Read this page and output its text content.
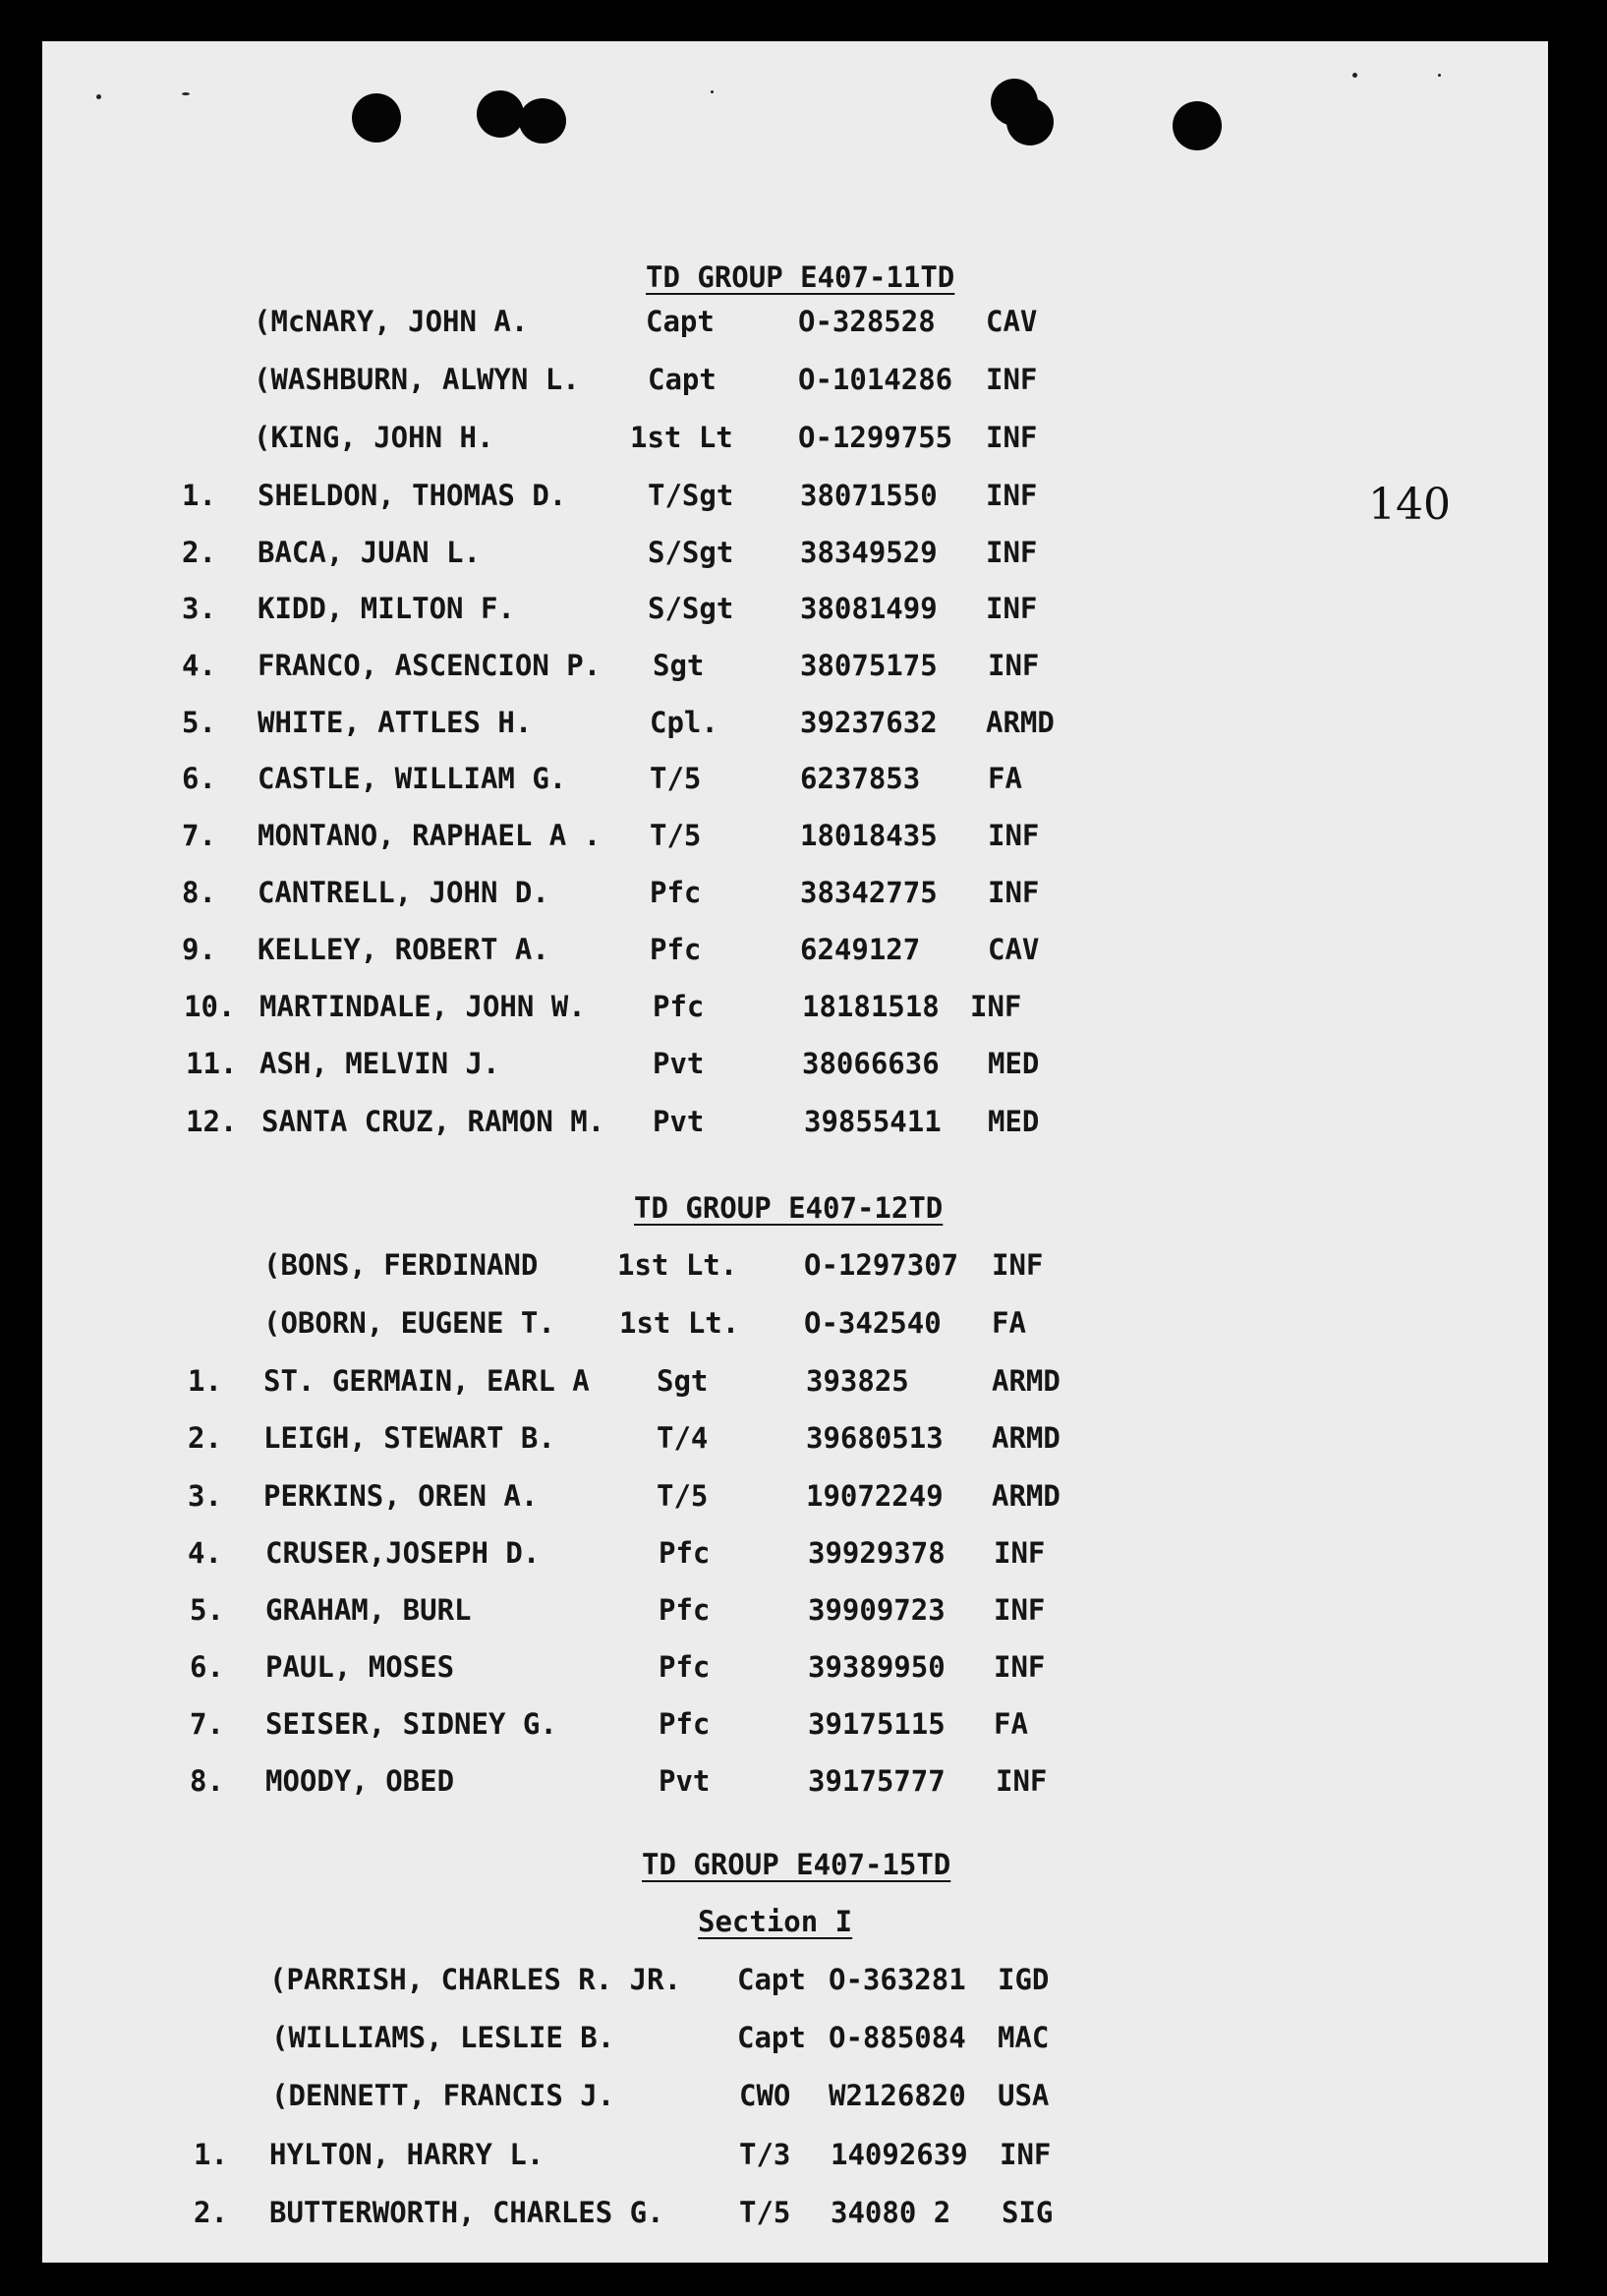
140
TD GROUP E407-11TD
(McNARY, JOHN A.	Capt	O-328528 CAV
(WASHBURN, ALWYN L. Capt	O-1014286 INF
(KING, JOHN H.	1st Lt O-1299755 INF
1. SHELDON, THOMAS D.	T/Sgt 38071550 INF
2. BACA, JUAN L.	S/Sgt 38349529 INF
3. KIDD, MILTON F.	S/Sgt 38081499 INF
4. FRANCO, ASCENCION P. Sgt	38075175 INF
5. WHITE, ATTLES H.	Cpl.	39237632 ARMD
6. CASTLE, WILLIAM G.	T/5	6237853 FA
7. MONTANO, RAPHAEL A . T/5	18018435 INF
8. CANTRELL, JOHN D.	Pfc	38342775 INF
9. KELLEY, ROBERT A.	Pfc	6249127 CAV
10. MARTINDALE, JOHN W. Pfc	18181518 INF
11. ASH, MELVIN J.	Pvt	38066636 MED
12. SANTA CRUZ, RAMON M. Pvt	39855411 MED
TD GROUP E407-12TD
(BONS, FERDINAND	1st Lt. O-1297307 INF
(OBORN, EUGENE T. 1st Lt. O-342540 FA
1. ST. GERMAIN, EARL A Sgt	393825	ARMD
2. LEIGH, STEWART B.	T/4	39680513 ARMD
3. PERKINS, OREN A.	T/5	19072249 ARMD
4. CRUSER,JOSEPH D.	Pfc	39929378 INF
5. GRAHAM, BURL	Pfc	39909723 INF
6. PAUL, MOSES	Pfc	39389950 INF
7. SEISER, SIDNEY G.	Pfc	39175115 FA
8. MOODY, OBED	Pvt	39175777 INF
TD GROUP E407-15TD
Section I
(PARRISH, CHARLES R. JR. Capt O-363281 IGD
(WILLIAMS, LESLIE B.	Capt O-885084 MAC
(DENNETT, FRANCIS J.	CWO W2126820 USA
1. HYLTON, HARRY L.	T/3 14092639 INF
2. BUTTERWORTH, CHARLES G.	T/5 34080 2 SIG
